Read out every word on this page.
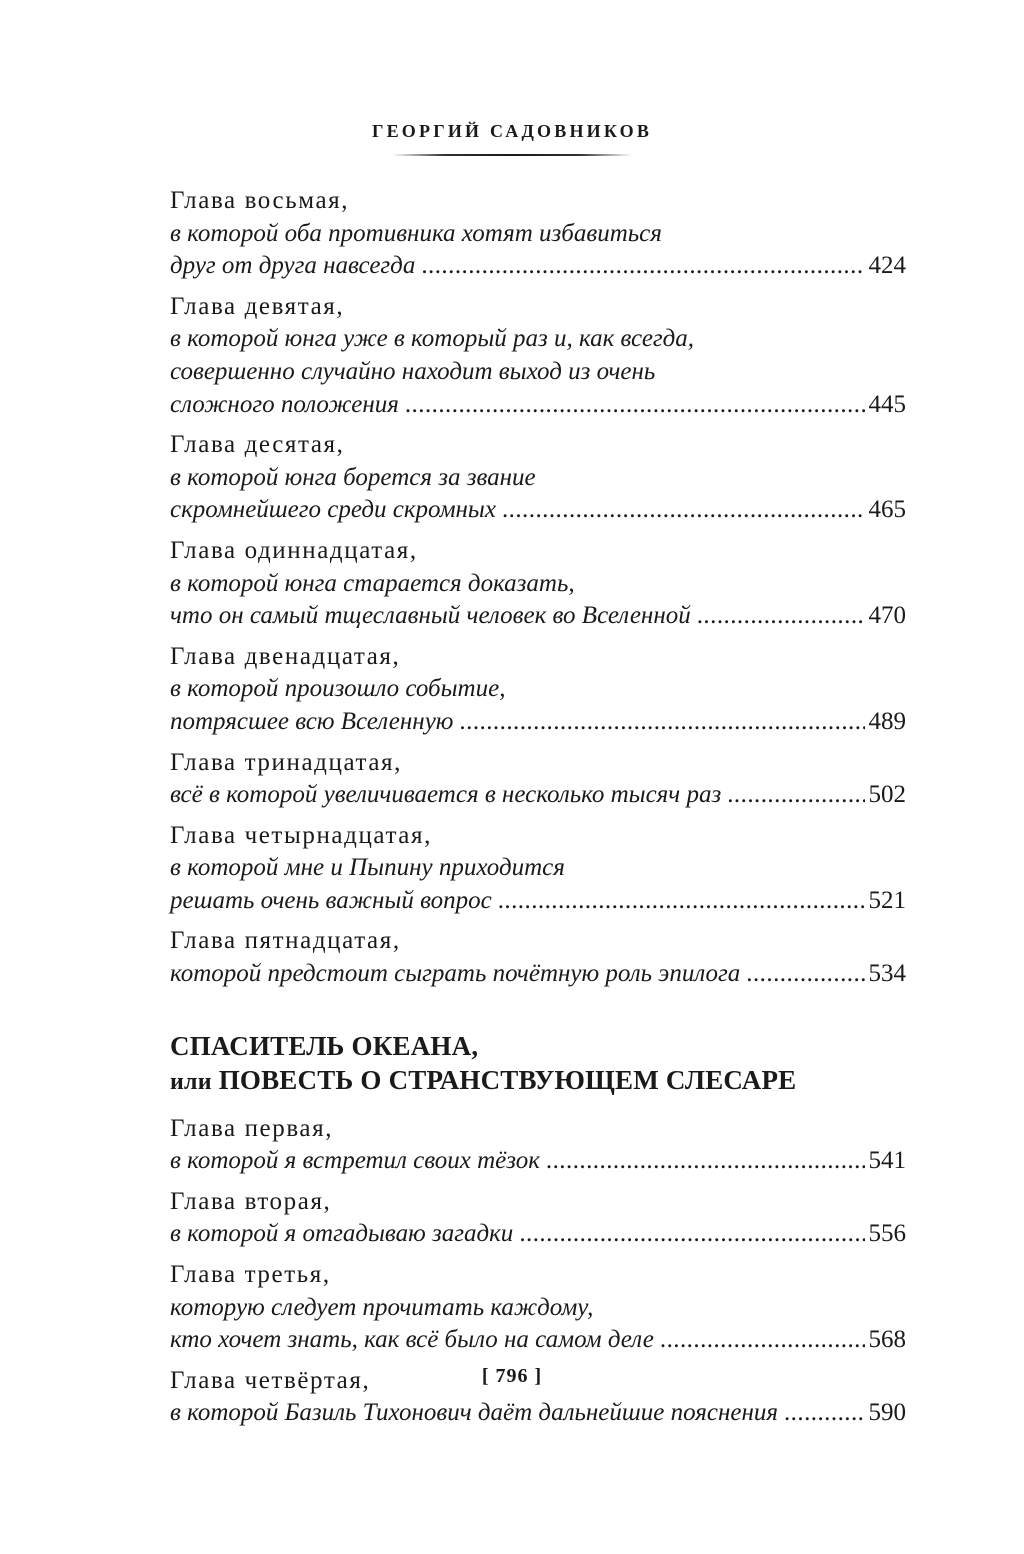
ГЕОРГИЙ САДОВНИКОВ
Глава восьмая,
в которой оба противника хотят избавиться
друг от друга навсегда . . .	424
Глава девятая,
в которой юнга уже в который раз и, как всегда,
совершенно случайно находит выход из очень
сложного положения . . .	445
Глава десятая,
в которой юнга борется за звание
скромнейшего среди скромных . . .	465
Глава одиннадцатая,
в которой юнга старается доказать,
что он самый тщеславный человек во Вселенной . . .	470
Глава двенадцатая,
в которой произошло событие,
потрясшее всю Вселенную . . .	489
Глава тринадцатая,
всё в которой увеличивается в несколько тысяч раз . . .	502
Глава четырнадцатая,
в которой мне и Пыпину приходится
решать очень важный вопрос . . .	521
Глава пятнадцатая,
которой предстоит сыграть почётную роль эпилога . . .	534
СПАСИТЕЛЬ ОКЕАНА,
или ПОВЕСТЬ О СТРАНСТВУЮЩЕМ СЛЕСАРЕ
Глава первая,
в которой я встретил своих тёзок . . .	541
Глава вторая,
в которой я отгадываю загадки . . .	556
Глава третья,
которую следует прочитать каждому,
кто хочет знать, как всё было на самом деле . . .	568
Глава четвёртая,
в которой Базиль Тихонович даёт дальнейшие пояснения . . .	590
[ 796 ]
